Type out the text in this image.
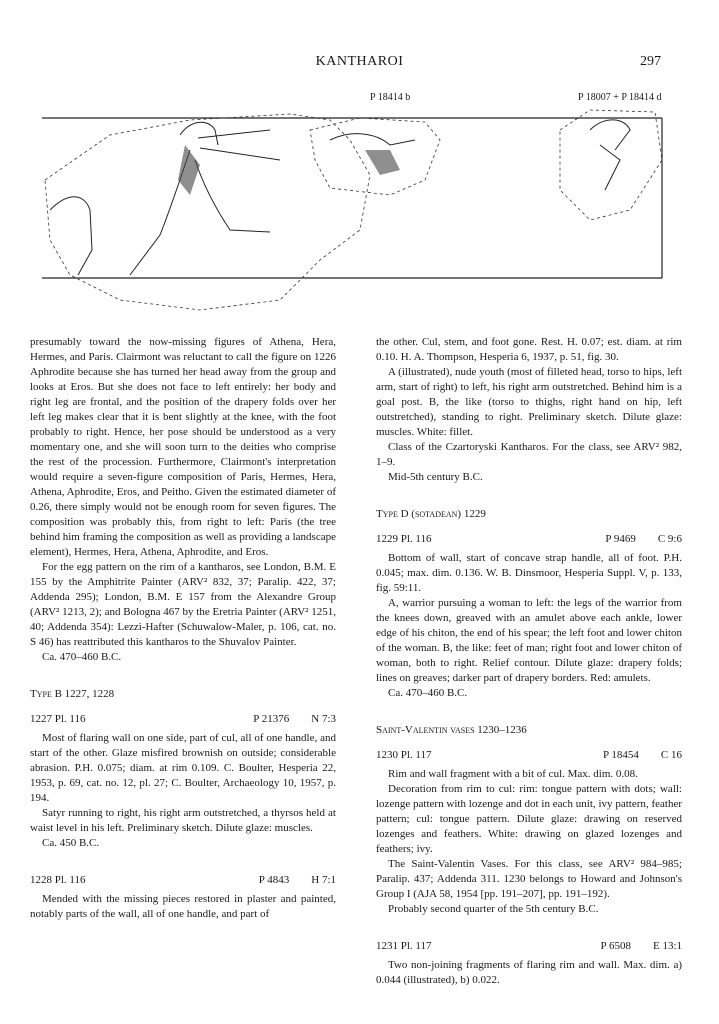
KANTHAROI	297
P 18414 b	P 18007 + P 18414 d

presumably toward the now-missing figures of Athena, Hera, Hermes, and Paris. Clairmont was reluctant to call the figure on 1226 Aphrodite because she has turned her head away from the group and looks at Eros. But she does not face to left entirely: her body and right leg are frontal, and the position of the drapery folds over her left leg makes clear that it is bent slightly at the knee, with the foot probably to right. Hence, her pose should be understood as a very momentary one, and she will soon turn to the deities who comprise the rest of the procession. Furthermore, Clairmont's interpretation would require a seven-figure composition of Paris, Hermes, Hera, Athena, Aphrodite, Eros, and Peitho. Given the estimated diameter of 0.26, there simply would not be enough room for seven figures. The composition was probably this, from right to left: Paris (the tree behind him framing the composition as well as providing a landscape element), Hermes, Hera, Athena, Aphrodite, and Eros.

For the egg pattern on the rim of a kantharos, see London, B.M. E 155 by the Amphitrite Painter (ARV² 832, 37; Paralip. 422, 37; Addenda 295); London, B.M. E 157 from the Alexandre Group (ARV² 1213, 2); and Bologna 467 by the Eretria Painter (ARV² 1251, 40; Addenda 354): Lezzi-Hafter (Schuwalow-Maler, p. 106, cat. no. S 46) has reattributed this kantharos to the Shuvalov Painter.

Ca. 470–460 B.C.

Type B 1227, 1228
1227 Pl. 116	P 21376 N 7:3

Most of flaring wall on one side, part of cul, all of one handle, and start of the other. Glaze misfired brownish on outside; considerable abrasion. P.H. 0.075; diam. at rim 0.109. C. Boulter, Hesperia 22, 1953, p. 69, cat. no. 12, pl. 27; C. Boulter, Archaeology 10, 1957, p. 194.

Satyr running to right, his right arm outstretched, a thyrsos held at waist level in his left. Preliminary sketch. Dilute glaze: muscles.

Ca. 450 B.C.

1228 Pl. 116	P 4843 H 7:1

Mended with the missing pieces restored in plaster and painted, notably parts of the wall, all of one handle, and part of

the other. Cul, stem, and foot gone. Rest. H. 0.07; est. diam. at rim 0.10. H. A. Thompson, Hesperia 6, 1937, p. 51, fig. 30.

A (illustrated), nude youth (most of filleted head, torso to hips, left arm, start of right) to left, his right arm outstretched. Behind him is a goal post. B, the like (torso to thighs, right hand on hip, left outstretched), standing to right. Preliminary sketch. Dilute glaze: muscles. White: fillet.

Class of the Czartoryski Kantharos. For the class, see ARV² 982, 1–9.

Mid-5th century B.C.

Type D (sotadean) 1229
1229 Pl. 116	P 9469 C 9:6

Bottom of wall, start of concave strap handle, all of foot. P.H. 0.045; max. dim. 0.136. W. B. Dinsmoor, Hesperia Suppl. V, p. 133, fig. 59:11.

A, warrior pursuing a woman to left: the legs of the warrior from the knees down, greaved with an amulet above each ankle, lower edge of his chiton, the end of his spear; the left foot and lower chiton of the woman. B, the like: feet of man; right foot and lower chiton of woman, both to right. Relief contour. Dilute glaze: drapery folds; lines on greaves; darker part of drapery borders. Red: amulets.

Ca. 470–460 B.C.

Saint-Valentin vases 1230–1236
1230 Pl. 117	P 18454 C 16

Rim and wall fragment with a bit of cul. Max. dim. 0.08.

Decoration from rim to cul: rim: tongue pattern with dots; wall: lozenge pattern with lozenge and dot in each unit, ivy pattern, feather pattern; cul: tongue pattern. Dilute glaze: drawing on reserved lozenges and feathers. White: drawing on glazed lozenges and feathers; ivy.

The Saint-Valentin Vases. For this class, see ARV² 984–985; Paralip. 437; Addenda 311. 1230 belongs to Howard and Johnson's Group I (AJA 58, 1954 [pp. 191–207], pp. 191–192).

Probably second quarter of the 5th century B.C.

1231 Pl. 117	P 6508 E 13:1

Two non-joining fragments of flaring rim and wall. Max. dim. a) 0.044 (illustrated), b) 0.022.
